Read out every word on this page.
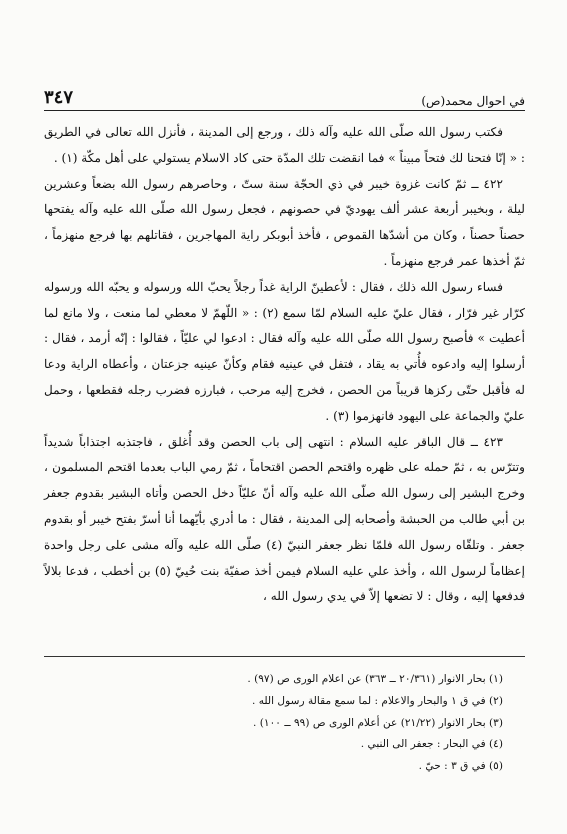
في احوال محمد(ص)
٣٤٧

فكتب رسول الله صلّى الله عليه وآله ذلك ، ورجع إلى المدينة ، فأنزل الله تعالى في الطريق : « إنّا فتحنا لك فتحاً مبيناً » فما انقضت تلك المدّة حتى كاد الاسلام يستولي على أهل مكّة (١) .

٤٢٢ ــ ثمّ كانت غزوة خيبر في ذي الحجّة سنة ستّ ، وحاصرهم رسول الله بضعاً وعشرين ليلة ، وبخيبر أربعة عشر ألف يهوديّ في حصونهم ، فجعل رسول الله صلّى الله عليه وآله يفتحها حصناً حصناً ، وكان من أشدّها القموص ، فأخذ أبوبكر راية المهاجرين ، فقاتلهم بها فرجع منهزماً ، ثمّ أخذها عمر فرجع منهزماً .

فساء رسول الله ذلك ، فقال : لأعطينّ الراية غداً رجلاً يحبّ الله ورسوله و يحبّه الله ورسوله كرّار غير فرّار ، فقال عليّ عليه السلام لمّا سمع (٢) : « اللّهمّ لا معطي لما منعت ، ولا مانع لما أعطيت » فأصبح رسول الله صلّى الله عليه وآله فقال : ادعوا لي عليّاً ، فقالوا : إنّه أرمد ، فقال : أرسلوا إليه وادعوه فأُتي به يقاد ، فتفل في عينيه فقام وكأنّ عينيه جزعتان ، وأعطاه الراية ودعا له فأقبل حتّى ركزها قريباً من الحصن ، فخرج إليه مرحب ، فبارزه فضرب رجله فقطعها ، وحمل عليّ والجماعة على اليهود فانهزموا (٣) .

٤٢٣ ــ قال الباقر عليه السلام : انتهى إلى باب الحصن وقد أُغلق ، فاجتذبه اجتذاباً شديداً وتترّس به ، ثمّ حمله على ظهره واقتحم الحصن اقتحاماً ، ثمّ رمي الباب بعدما اقتحم المسلمون ، وخرج البشير إلى رسول الله صلّى الله عليه وآله أنّ عليّاً دخل الحصن وأتاه البشير بقدوم جعفر بن أبي طالب من الحبشة وأصحابه إلى المدينة ، فقال : ما أدري بأيّهما أنا أسرّ بفتح خيبر أو بقدوم جعفر . وتلقّاه رسول الله فلمّا نظر جعفر النبيّ (٤) صلّى الله عليه وآله مشى على رجل واحدة إعظاماً لرسول الله ، وأخذ علي عليه السلام فيمن أخذ صفيّة بنت حُييّ (٥) بن أخطب ، فدعا بلالاً فدفعها إليه ، وقال : لا تضعها إلاّ في يدي رسول الله ،

(١) بحار الانوار (٢٠/٣٦١ ــ ٣٦٣) عن اعلام الورى ص (٩٧) .
(٢) في ق ١ والبحار والاعلام : لما سمع مقالة رسول الله .
(٣) بحار الانوار (٢١/٢٢) عن أعلام الورى ص (٩٩ ــ ١٠٠) .
(٤) في البحار : جعفر الى النبي .
(٥) في ق ٣ : حيّ .
